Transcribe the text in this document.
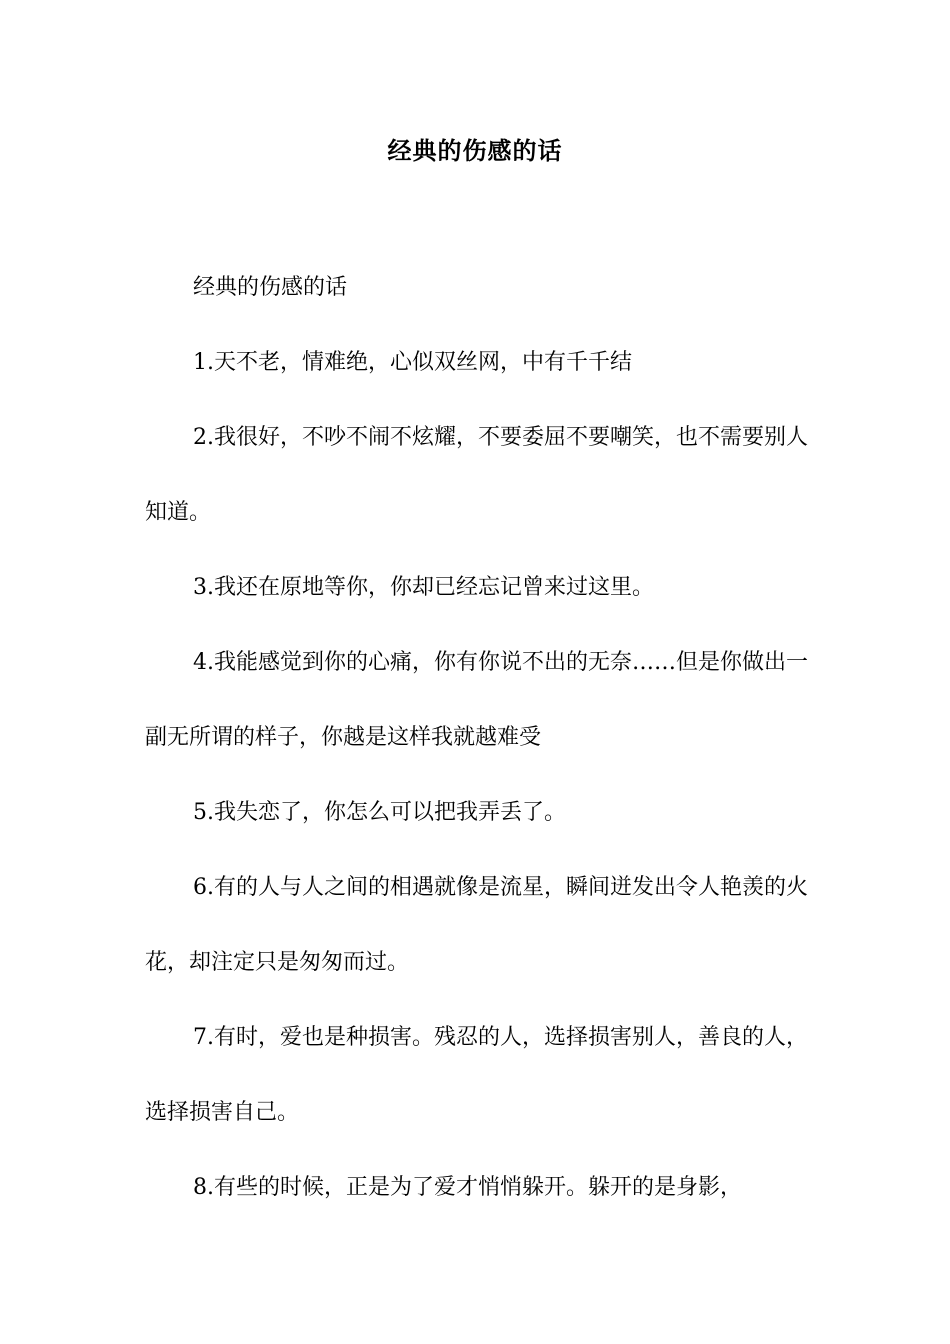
经典的伤感的话

经典的伤感的话

1.天不老，情难绝，心似双丝网，中有千千结

2.我很好，不吵不闹不炫耀，不要委屈不要嘲笑，也不需要别人知道。

3.我还在原地等你，你却已经忘记曾来过这里。

4.我能感觉到你的心痛，你有你说不出的无奈……但是你做出一副无所谓的样子，你越是这样我就越难受

5.我失恋了，你怎么可以把我弄丢了。

6.有的人与人之间的相遇就像是流星，瞬间迸发出令人艳羡的火花，却注定只是匆匆而过。

7.有时，爱也是种损害。残忍的人，选择损害别人，善良的人，选择损害自己。

8.有些的时候，正是为了爱才悄悄躲开。躲开的是身影，
